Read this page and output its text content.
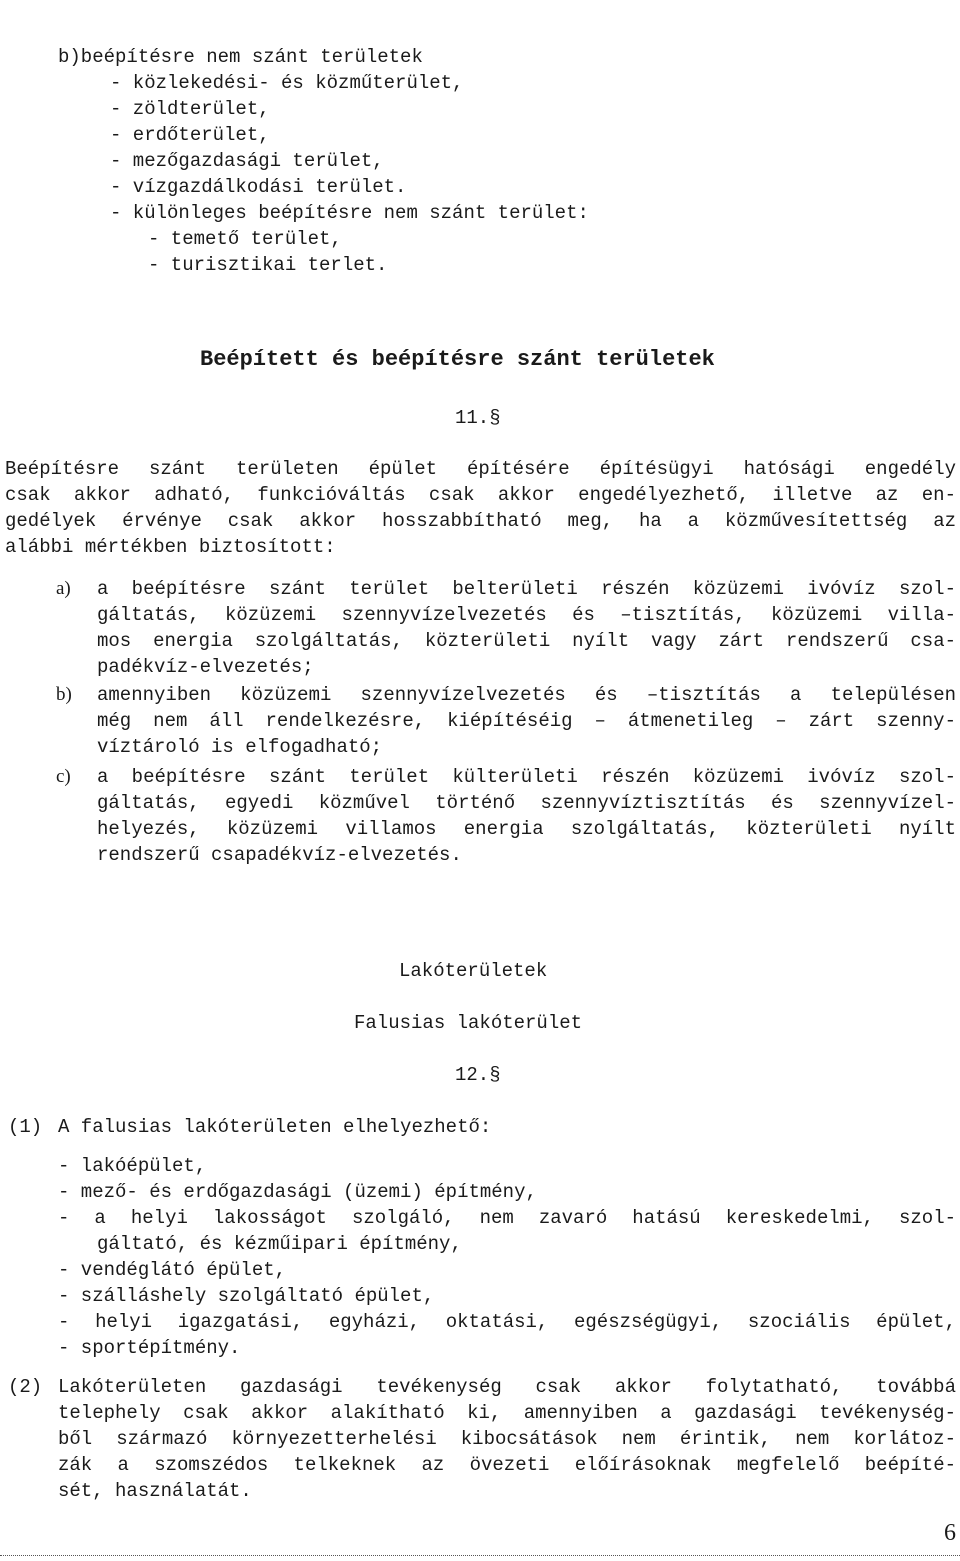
b)beépítésre nem szánt területek
- közlekedési- és közműterület,
- zöldterület,
- erdőterület,
- mezőgazdasági terület,
- vízgazdálkodási terület.
- különleges beépítésre nem szánt terület:
- temető terület,
- turisztikai terlet.
Beépített és beépítésre szánt területek
11.§
Beépítésre szánt területen épület építésére építésügyi hatósági engedély
csak akkor adható, funkcióváltás csak akkor engedélyezhető, illetve az en-
gedélyek érvénye csak akkor hosszabbítható meg, ha a közművesítettség az
alábbi mértékben biztosított:
a) a beépítésre szánt terület belterületi részén közüzemi ivóvíz szol-
gáltatás, közüzemi szennyvízelvezetés és –tisztítás, közüzemi villa-
mos energia szolgáltatás, közterületi nyílt vagy zárt rendszerű csa-
padékvíz-elvezetés;
b) amennyiben közüzemi szennyvízelvezetés és –tisztítás a településen
még nem áll rendelkezésre, kiépítéséig – átmenetileg – zárt szenny-
víztároló is elfogadható;
c) a beépítésre szánt terület külterületi részén közüzemi ivóvíz szol-
gáltatás, egyedi közművel történő szennyvíztisztítás és szennyvízel-
helyezés, közüzemi villamos energia szolgáltatás, közterületi nyílt
rendszerű csapadékvíz-elvezetés.
Lakóterületek
Falusias lakóterület
12.§
(1) A falusias lakóterületen elhelyezhető:
- lakóépület,
- mező- és erdőgazdasági (üzemi) építmény,
- a helyi lakosságot szolgáló, nem zavaró hatású kereskedelmi, szol-
gáltató, és kézműipari építmény,
- vendéglátó épület,
- szálláshely szolgáltató épület,
- helyi igazgatási, egyházi, oktatási, egészségügyi, szociális épület,
- sportépítmény.
(2) Lakóterületen gazdasági tevékenység csak akkor folytatható, továbbá
telephely csak akkor alakítható ki, amennyiben a gazdasági tevékenység-
ből származó környezetterhelési kibocsátások nem érintik, nem korlátoz-
zák a szomszédos telkeknek az övezeti előírásoknak megfelelő beépíté-
sét, használatát.
6
